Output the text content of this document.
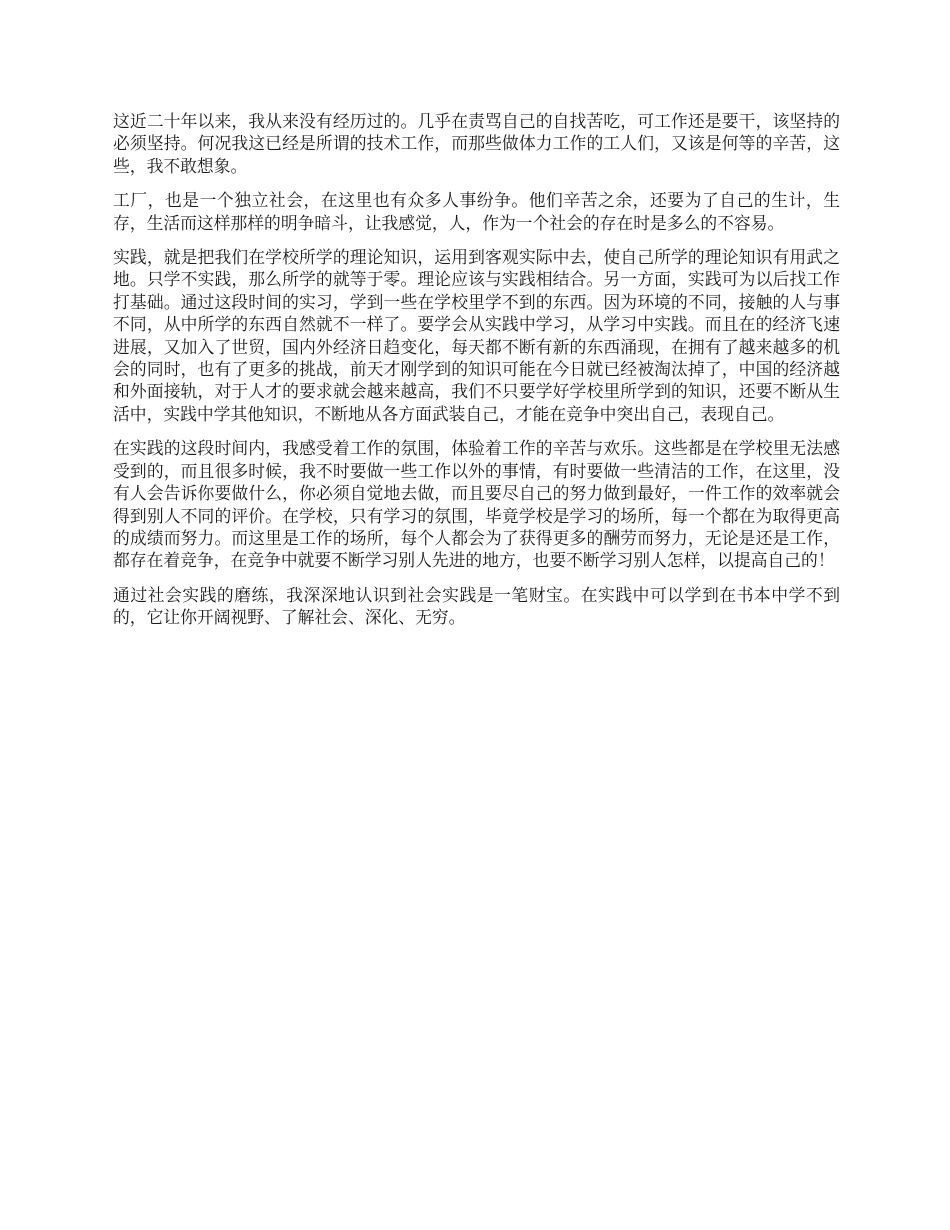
这近二十年以来，我从来没有经历过的。几乎在责骂自己的自找苦吃，可工作还是要干，该坚持的必须坚持。何况我这已经是所谓的技术工作，而那些做体力工作的工人们，又该是何等的辛苦，这些，我不敢想象。

工厂，也是一个独立社会，在这里也有众多人事纷争。他们辛苦之余，还要为了自己的生计，生存，生活而这样那样的明争暗斗，让我感觉，人，作为一个社会的存在时是多么的不容易。

实践，就是把我们在学校所学的理论知识，运用到客观实际中去，使自己所学的理论知识有用武之地。只学不实践，那么所学的就等于零。理论应该与实践相结合。另一方面，实践可为以后找工作打基础。通过这段时间的实习，学到一些在学校里学不到的东西。因为环境的不同，接触的人与事不同，从中所学的东西自然就不一样了。要学会从实践中学习，从学习中实践。而且在的经济飞速进展，又加入了世贸，国内外经济日趋变化，每天都不断有新的东西涌现，在拥有了越来越多的机会的同时，也有了更多的挑战，前天才刚学到的知识可能在今日就已经被淘汰掉了，中国的经济越和外面接轨，对于人才的要求就会越来越高，我们不只要学好学校里所学到的知识，还要不断从生活中，实践中学其他知识，不断地从各方面武装自己，才能在竞争中突出自己，表现自己。

在实践的这段时间内，我感受着工作的氛围，体验着工作的辛苦与欢乐。这些都是在学校里无法感受到的，而且很多时候，我不时要做一些工作以外的事情，有时要做一些清洁的工作，在这里，没有人会告诉你要做什么，你必须自觉地去做，而且要尽自己的努力做到最好，一件工作的效率就会得到别人不同的评价。在学校，只有学习的氛围，毕竟学校是学习的场所，每一个都在为取得更高的成绩而努力。而这里是工作的场所，每个人都会为了获得更多的酬劳而努力，无论是还是工作，都存在着竞争，在竞争中就要不断学习别人先进的地方，也要不断学习别人怎样，以提高自己的！

通过社会实践的磨练，我深深地认识到社会实践是一笔财宝。在实践中可以学到在书本中学不到的，它让你开阔视野、了解社会、深化、无穷。
